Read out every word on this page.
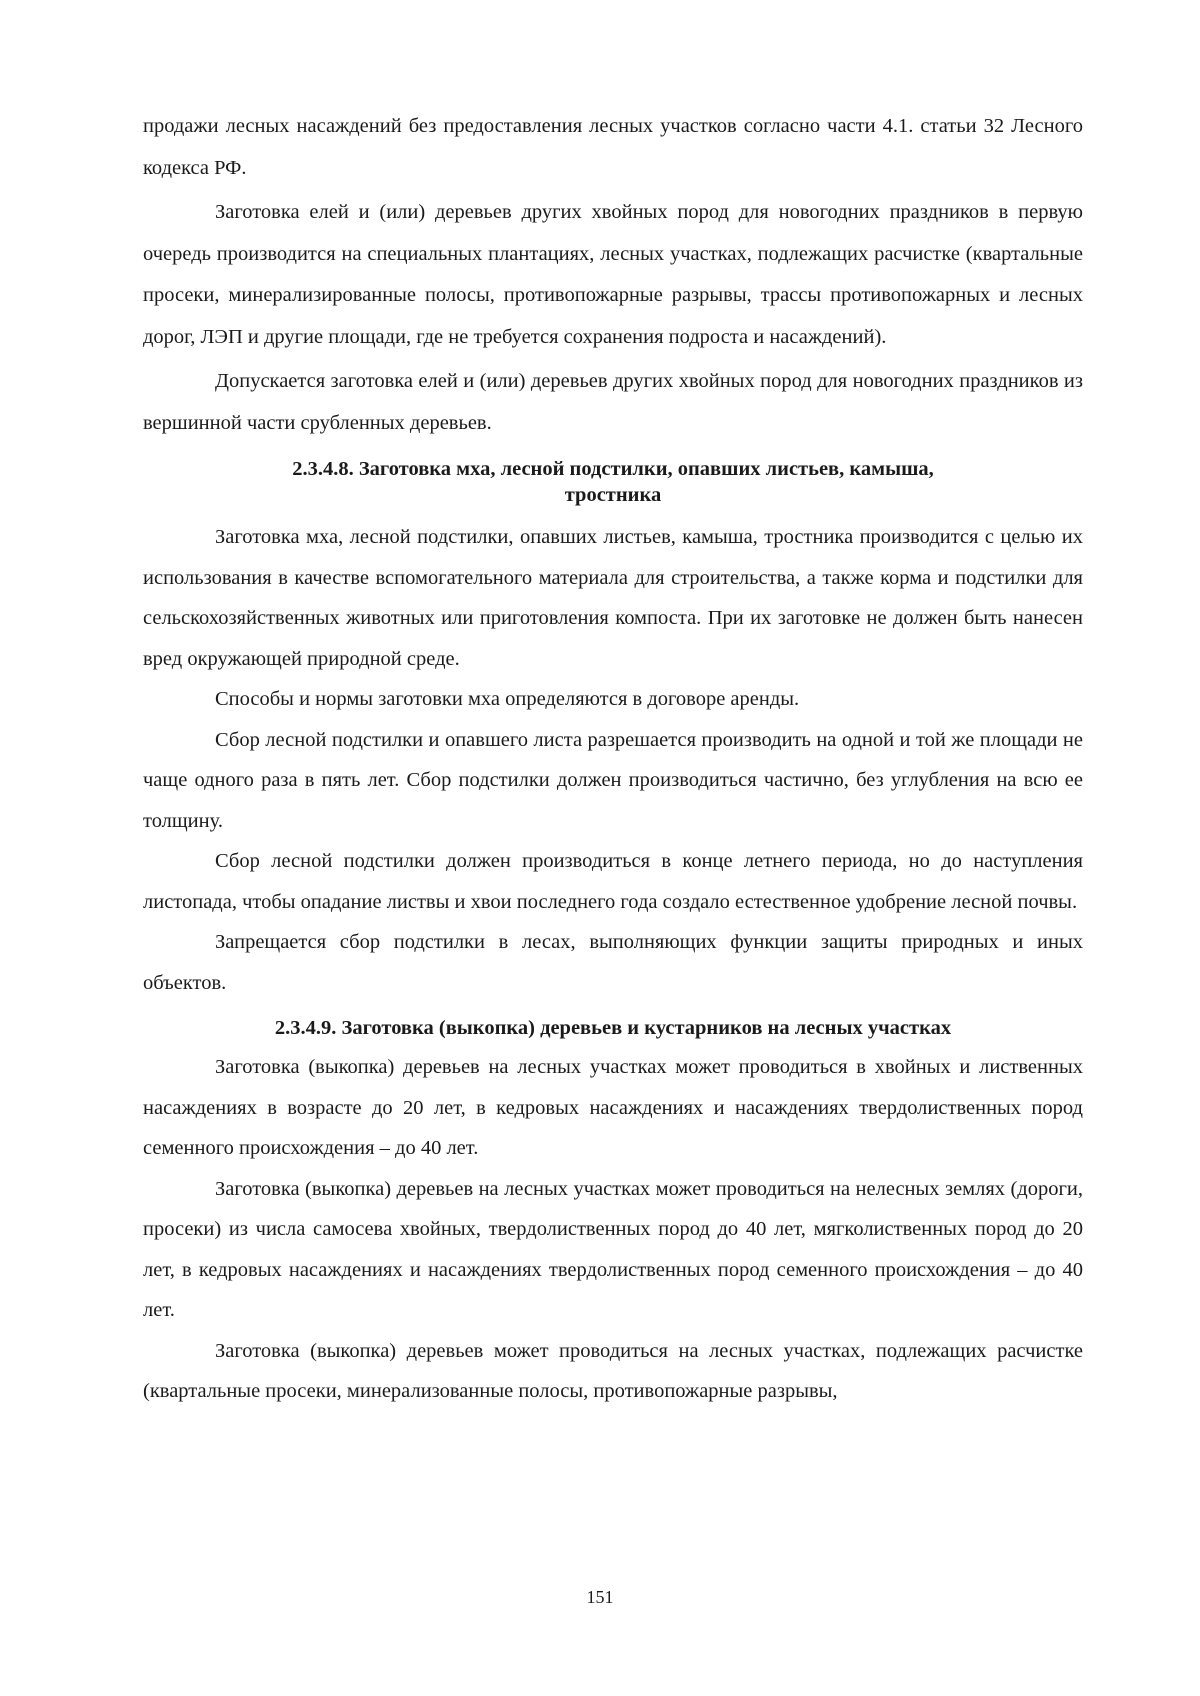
продажи лесных насаждений без предоставления лесных участков согласно части 4.1. статьи 32 Лесного кодекса РФ.

Заготовка елей и (или) деревьев других хвойных пород для новогодних праздников в первую очередь производится на специальных плантациях, лесных участках, подлежащих расчистке (квартальные просеки, минерализированные полосы, противопожарные разрывы, трассы противопожарных и лесных дорог, ЛЭП и другие площади, где не требуется сохранения подроста и насаждений).

Допускается заготовка елей и (или) деревьев других хвойных пород для новогодних праздников из вершинной части срубленных деревьев.

2.3.4.8. Заготовка мха, лесной подстилки, опавших листьев, камыша,
тростника

Заготовка мха, лесной подстилки, опавших листьев, камыша, тростника производится с целью их использования в качестве вспомогательного материала для строительства, а также корма и подстилки для сельскохозяйственных животных или приготовления компоста. При их заготовке не должен быть нанесен вред окружающей природной среде.

Способы и нормы заготовки мха определяются в договоре аренды.

Сбор лесной подстилки и опавшего листа разрешается производить на одной и той же площади не чаще одного раза в пять лет. Сбор подстилки должен производиться частично, без углубления на всю ее толщину.

Сбор лесной подстилки должен производиться в конце летнего периода, но до наступления листопада, чтобы опадание листвы и хвои последнего года создало естественное удобрение лесной почвы.

Запрещается сбор подстилки в лесах, выполняющих функции защиты природных и иных объектов.

2.3.4.9. Заготовка (выкопка) деревьев и кустарников на лесных участках

Заготовка (выкопка) деревьев на лесных участках может проводиться в хвойных и лиственных насаждениях в возрасте до 20 лет, в кедровых насаждениях и насаждениях твердолиственных пород семенного происхождения – до 40 лет.

Заготовка (выкопка) деревьев на лесных участках может проводиться на нелесных землях (дороги, просеки) из числа самосева хвойных, твердолиственных пород до 40 лет, мягколиственных пород до 20 лет, в кедровых насаждениях и насаждениях твердолиственных пород семенного происхождения – до 40 лет.

Заготовка (выкопка) деревьев может проводиться на лесных участках, подлежащих расчистке (квартальные просеки, минерализованные полосы, противопожарные разрывы,

151
